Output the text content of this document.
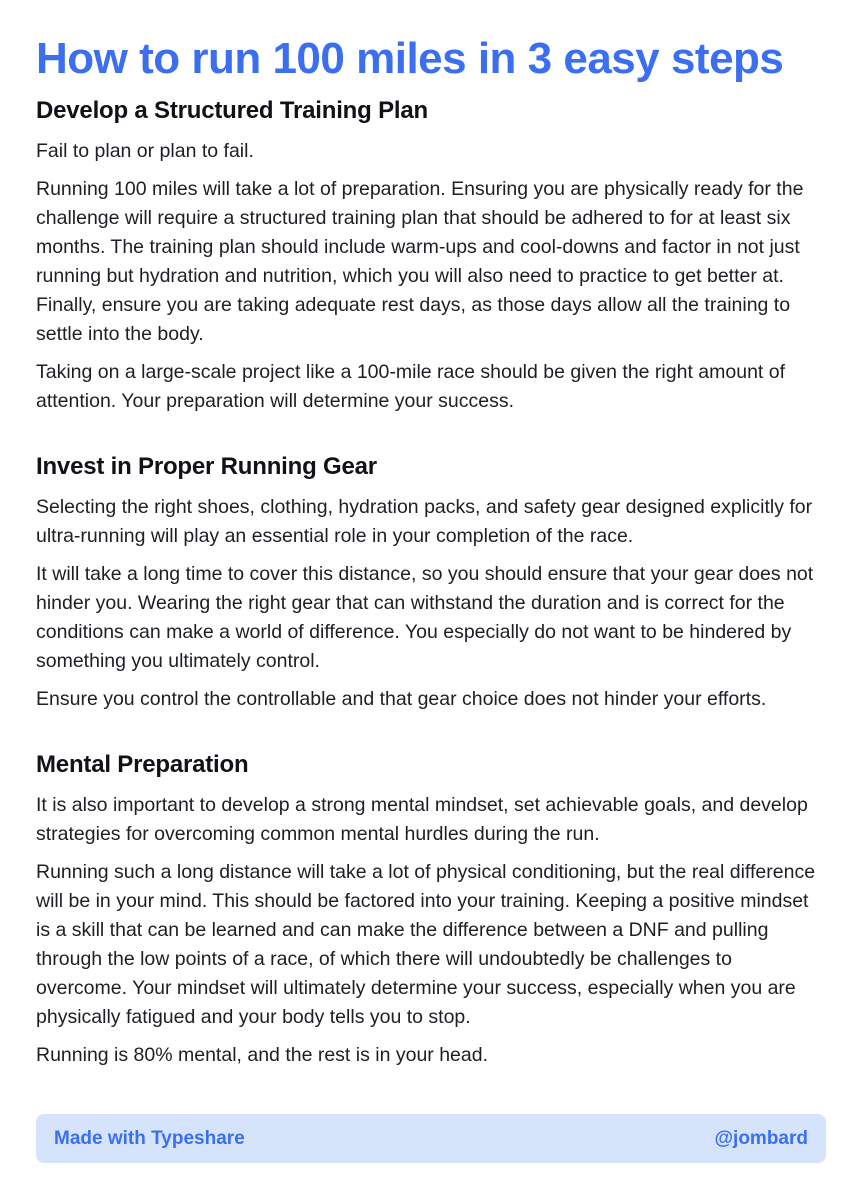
How to run 100 miles in 3 easy steps
Develop a Structured Training Plan

Fail to plan or plan to fail.

Running 100 miles will take a lot of preparation. Ensuring you are physically ready for the challenge will require a structured training plan that should be adhered to for at least six months. The training plan should include warm-ups and cool-downs and factor in not just running but hydration and nutrition, which you will also need to practice to get better at. Finally, ensure you are taking adequate rest days, as those days allow all the training to settle into the body.

Taking on a large-scale project like a 100-mile race should be given the right amount of attention. Your preparation will determine your success.

Invest in Proper Running Gear

Selecting the right shoes, clothing, hydration packs, and safety gear designed explicitly for ultra-running will play an essential role in your completion of the race.

It will take a long time to cover this distance, so you should ensure that your gear does not hinder you. Wearing the right gear that can withstand the duration and is correct for the conditions can make a world of difference. You especially do not want to be hindered by something you ultimately control.

Ensure you control the controllable and that gear choice does not hinder your efforts.

Mental Preparation

It is also important to develop a strong mental mindset, set achievable goals, and develop strategies for overcoming common mental hurdles during the run.

Running such a long distance will take a lot of physical conditioning, but the real difference will be in your mind. This should be factored into your training. Keeping a positive mindset is a skill that can be learned and can make the difference between a DNF and pulling through the low points of a race, of which there will undoubtedly be challenges to overcome. Your mindset will ultimately determine your success, especially when you are physically fatigued and your body tells you to stop.

Running is 80% mental, and the rest is in your head.

Made with Typeshare	@jombard
